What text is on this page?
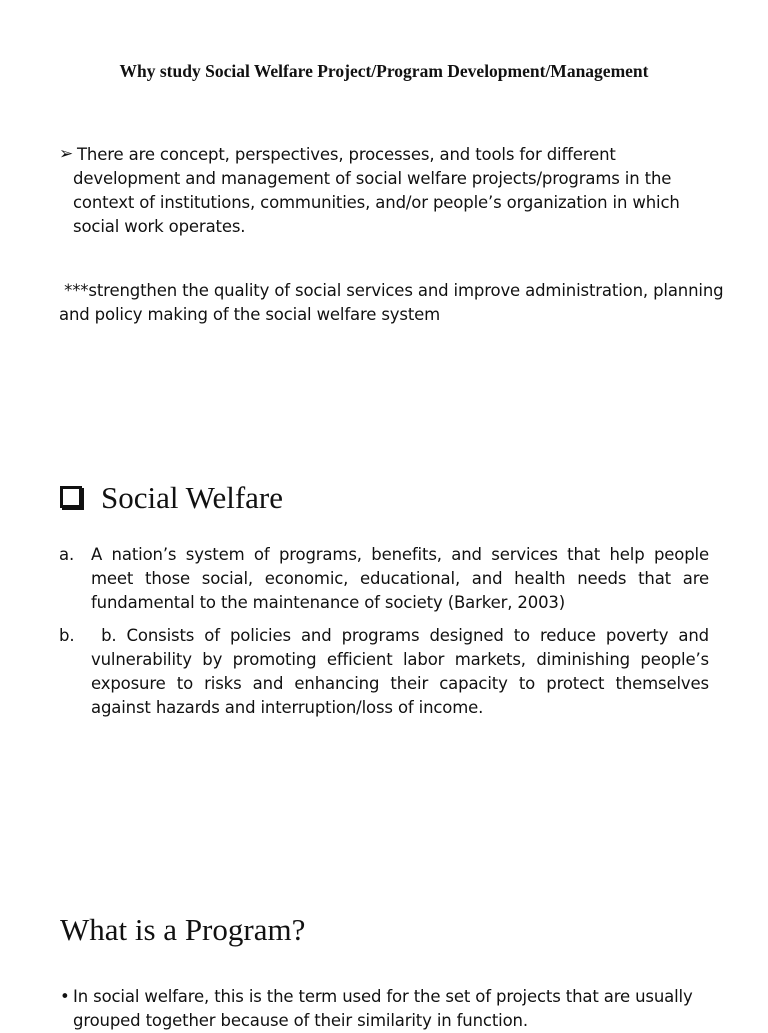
Why study Social Welfare Project/Program Development/Management
➢ There are concept, perspectives, processes, and tools for different development and management of social welfare projects/programs in the context of institutions, communities, and/or people’s organization in which social work operates.
***strengthen the quality of social services and improve administration, planning and policy making of the social welfare system
Social Welfare
a.	A nation’s system of programs, benefits, and services that help people meet those social, economic, educational, and health needs that are fundamental to the maintenance of society (Barker, 2003)
b.	b. Consists of policies and programs designed to reduce poverty and vulnerability by promoting efficient labor markets, diminishing people’s exposure to risks and enhancing their capacity to protect themselves against hazards and interruption/loss of income.
What is a Program?
• In social welfare, this is the term used for the set of projects that are usually grouped together because of their similarity in function.
